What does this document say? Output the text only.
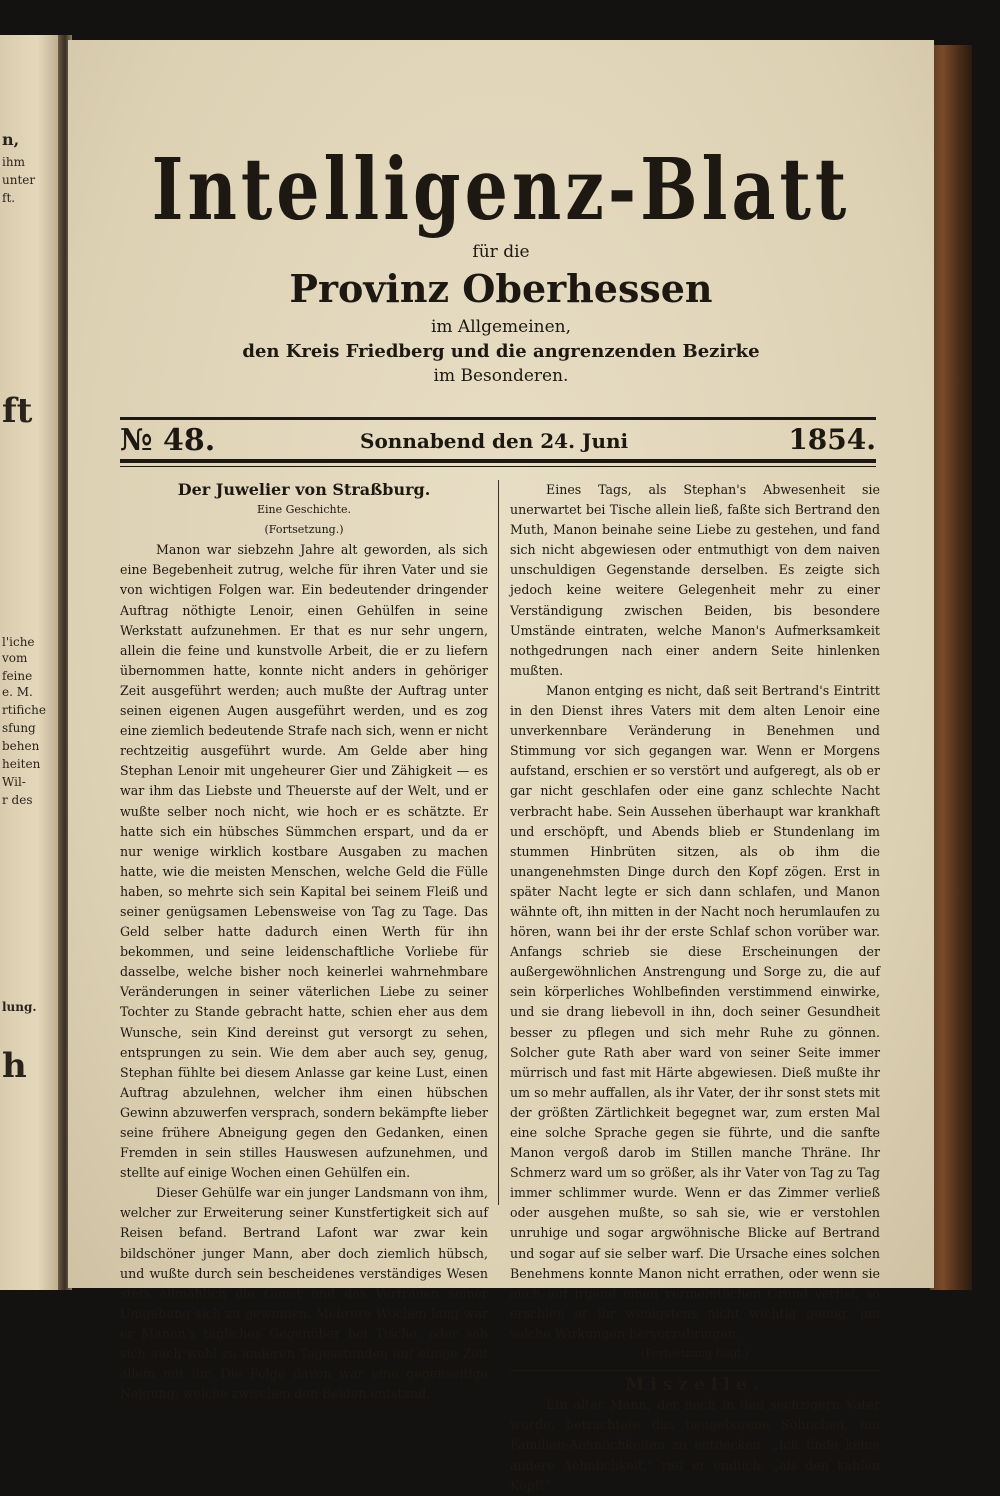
n,
ihm
unter
ft.
ft
l'iche
vom
feine
e. M.
rtifiche
sfung
behen
heiten
Wil-
r des
lung.
h
Intelligenz-Blatt
für die
Provinz Oberhessen
im Allgemeinen,
den Kreis Friedberg und die angrenzenden Bezirke
im Besonderen.
№ 48.	Sonnabend den 24. Juni	1854.
Der Juwelier von Straßburg.
Eine Geschichte.
(Fortsetzung.)

Manon war siebzehn Jahre alt geworden, als sich eine Begebenheit zutrug, welche für ihren Vater und sie von wichtigen Folgen war. Ein bedeutender dringender Auftrag nöthigte Lenoir, einen Gehülfen in seine Werkstatt aufzunehmen. Er that es nur sehr ungern, allein die feine und kunstvolle Arbeit, die er zu liefern übernommen hatte, konnte nicht anders in gehöriger Zeit ausgeführt werden; auch mußte der Auftrag unter seinen eigenen Augen ausgeführt werden, und es zog eine ziemlich bedeutende Strafe nach sich, wenn er nicht rechtzeitig ausgeführt wurde. Am Gelde aber hing Stephan Lenoir mit ungeheurer Gier und Zähigkeit — es war ihm das Liebste und Theuerste auf der Welt, und er wußte selber noch nicht, wie hoch er es schätzte. Er hatte sich ein hübsches Sümmchen erspart, und da er nur wenige wirklich kostbare Ausgaben zu machen hatte, wie die meisten Menschen, welche Geld die Fülle haben, so mehrte sich sein Kapital bei seinem Fleiß und seiner genügsamen Lebensweise von Tag zu Tage. Das Geld selber hatte dadurch einen Werth für ihn bekommen, und seine leidenschaftliche Vorliebe für dasselbe, welche bisher noch keinerlei wahrnehmbare Veränderungen in seiner väterlichen Liebe zu seiner Tochter zu Stande gebracht hatte, schien eher aus dem Wunsche, sein Kind dereinst gut versorgt zu sehen, entsprungen zu sein. Wie dem aber auch sey, genug, Stephan fühlte bei diesem Anlasse gar keine Lust, einen Auftrag abzulehnen, welcher ihm einen hübschen Gewinn abzuwerfen versprach, sondern bekämpfte lieber seine frühere Abneigung gegen den Gedanken, einen Fremden in sein stilles Hauswesen aufzunehmen, und stellte auf einige Wochen einen Gehülfen ein.

Dieser Gehülfe war ein junger Landsmann von ihm, welcher zur Erweiterung seiner Kunstfertigkeit sich auf Reisen befand. Bertrand Lafont war zwar kein bildschöner junger Mann, aber doch ziemlich hübsch, und wußte durch sein bescheidenes verständiges Wesen stets allmählich die Gunst und das Vertrauen seiner Umgebung sich zu gewinnen. Mehrere Wochen lang war er Manon's tägliches Gegenüber bei Tische, oder sah sich auch wohl zu anderen Tagesstunden auf einige Zeit allein mit ihr. Die Folge davon war eine gegenseitige Neigung, welche zwischen den Beiden entstand.

Eines Tags, als Stephan's Abwesenheit sie unerwartet bei Tische allein ließ, faßte sich Bertrand den Muth, Manon beinahe seine Liebe zu gestehen, und fand sich nicht abgewiesen oder entmuthigt von dem naiven unschuldigen Gegenstande derselben. Es zeigte sich jedoch keine weitere Gelegenheit mehr zu einer Verständigung zwischen Beiden, bis besondere Umstände eintraten, welche Manon's Aufmerksamkeit nothgedrungen nach einer andern Seite hinlenken mußten.

Manon entging es nicht, daß seit Bertrand's Eintritt in den Dienst ihres Vaters mit dem alten Lenoir eine unverkennbare Veränderung in Benehmen und Stimmung vor sich gegangen war. Wenn er Morgens aufstand, erschien er so verstört und aufgeregt, als ob er gar nicht geschlafen oder eine ganz schlechte Nacht verbracht habe. Sein Aussehen überhaupt war krankhaft und erschöpft, und Abends blieb er Stundenlang im stummen Hinbrüten sitzen, als ob ihm die unangenehmsten Dinge durch den Kopf zögen. Erst in später Nacht legte er sich dann schlafen, und Manon wähnte oft, ihn mitten in der Nacht noch herumlaufen zu hören, wann bei ihr der erste Schlaf schon vorüber war. Anfangs schrieb sie diese Erscheinungen der außergewöhnlichen Anstrengung und Sorge zu, die auf sein körperliches Wohlbefinden verstimmend einwirke, und sie drang liebevoll in ihn, doch seiner Gesundheit besser zu pflegen und sich mehr Ruhe zu gönnen. Solcher gute Rath aber ward von seiner Seite immer mürrisch und fast mit Härte abgewiesen. Dieß mußte ihr um so mehr auffallen, als ihr Vater, der ihr sonst stets mit der größten Zärtlichkeit begegnet war, zum ersten Mal eine solche Sprache gegen sie führte, und die sanfte Manon vergoß darob im Stillen manche Thräne. Ihr Schmerz ward um so größer, als ihr Vater von Tag zu Tag immer schlimmer wurde. Wenn er das Zimmer verließ oder ausgehen mußte, so sah sie, wie er verstohlen unruhige und sogar argwöhnische Blicke auf Bertrand und sogar auf sie selber warf. Die Ursache eines solchen Benehmens konnte Manon nicht errathen, oder wenn sie auch auf irgend einen vermeintlichen Grund verfiel, so erschien er ihr wenigstens nicht wichtig genug, um solche Wirkungen hervorzubringen.

(Fortsetzung folgt.)
Miszelle.

Ein alter Mann, der noch in den sechzigern Vater wurde, betrachtete das neugeborene Söhnchen, um Familien-Aehnlichkeiten zu entdecken. „Ich finde keine andere Aehnlichkeit,“ rief er endlich, „als den kahlen Kopf!“
